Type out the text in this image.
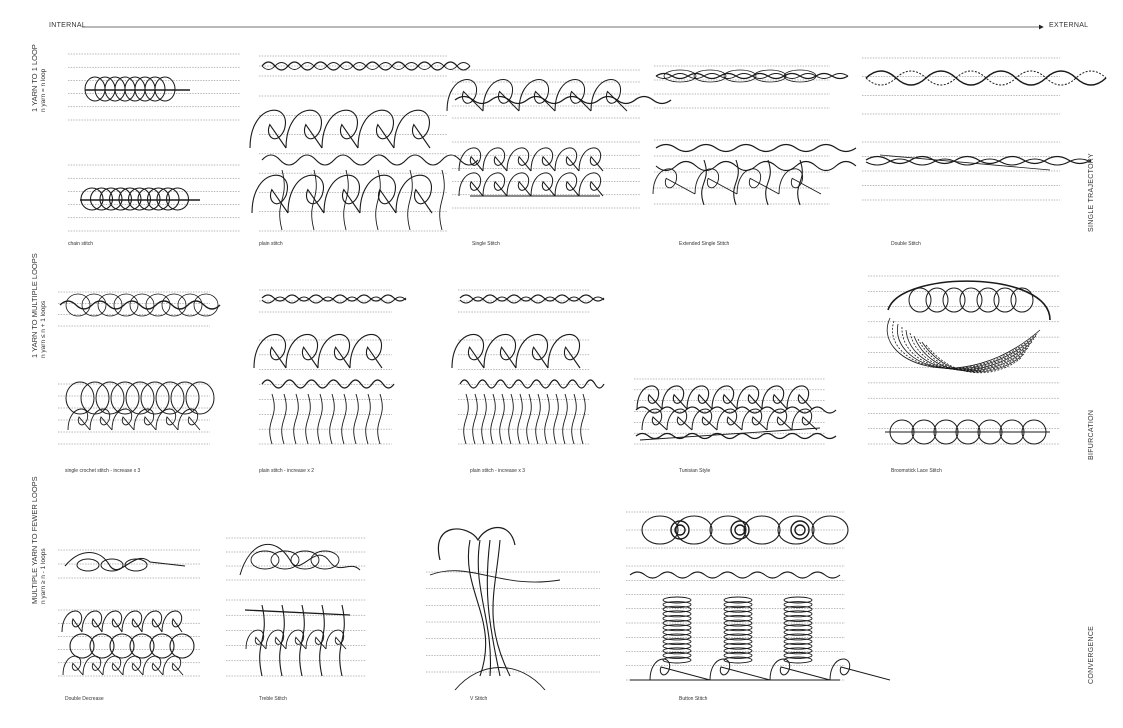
INTERNAL	EXTERNAL
1 YARN TO 1 LOOP n yarn = n loop
1 YARN TO MULTIPLE LOOPS n yarn ≤ n + 1 loops
MULTIPLE YARN TO FEWER LOOPS n yarn ≥ n - 1 loops
SINGLE TRAJECTORY
BIFURCATION
CONVERGENCE
chain stitch	plain stitch	Single Stitch	Extended Single Stitch	Double Stitch
single crochet stitch - increase x 3	plain stitch - increase x 2	plain stitch - increase x 3	Tunisian Style	Broomstick Lace Stitch
Double Decrease	Treble Stitch	V Stitch	Button Stitch
